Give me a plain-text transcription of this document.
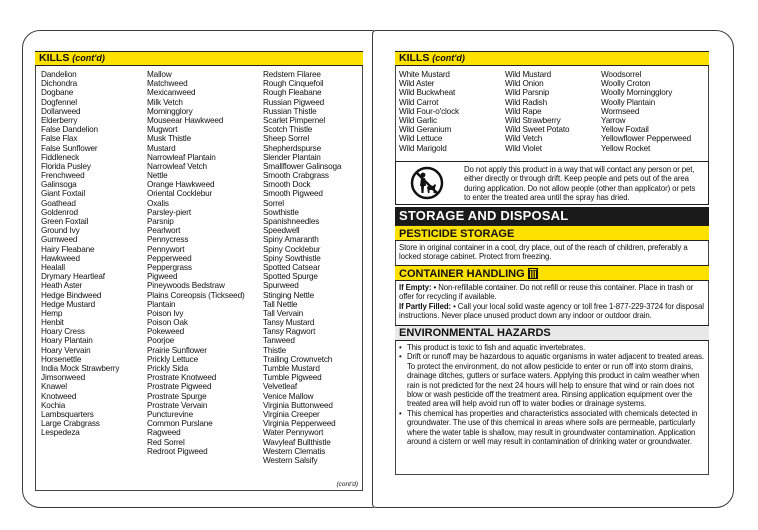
(cont'd)
KILLS (cont'd)
Dandelion
Dichondra
Dogbane
Dogfennel
Dollarweed
Elderberry
False Dandelion
False Flax
False Sunflower
Fiddleneck
Florida Pusley
Frenchweed
Galinsoga
Giant Foxtail
Goathead
Goldenrod
Green Foxtail
Ground Ivy
Gumweed
Hairy Fleabane
Hawkweed
Healall
Drymary Heartleaf
Heath Aster
Hedge Bindweed
Hedge Mustard
Hemp
Henbit
Hoary Cress
Hoary Plantain
Hoary Vervain
Horsenettle
India Mock Strawberry
Jimsonweed
Knawel
Knotweed
Kochia
Lambsquarters
Large Crabgrass
Lespedeza
Mallow
Matchweed
Mexicanweed
Milk Vetch
Morningglory
Mouseear Hawkweed
Mugwort
Musk Thistle
Mustard
Narrowleaf Plantain
Narrowleaf Vetch
Nettle
Orange Hawkweed
Oriental Cocklebur
Oxalis
Parsley-piert
Parsnip
Pearlwort
Pennycress
Pennywort
Pepperweed
Peppergrass
Pigweed
Pineywoods Bedstraw
Plains Coreopsis (Tickseed)
Plantain
Poison Ivy
Poison Oak
Pokeweed
Poorjoe
Prairie Sunflower
Prickly Lettuce
Prickly Sida
Prostrate Knotweed
Prostrate Pigweed
Prostrate Spurge
Prostrate Vervain
Puncturevine
Common Purslane
Ragweed
Red Sorrel
Redroot Pigweed
Redstem Filaree
Rough Cinquefoil
Rough Fleabane
Russian Pigweed
Russian Thistle
Scarlet Pimpernel
Scotch Thistle
Sheep Sorrel
Shepherdspurse
Slender Plantain
Smallflower Galinsoga
Smooth Crabgrass
Smooth Dock
Smooth Pigweed
Sorrel
Sowthistle
Spanishneedles
Speedwell
Spiny Amaranth
Spiny Cocklebur
Spiny Sowthistle
Spotted Catsear
Spotted Spurge
Spurweed
Stinging Nettle
Tall Nettle
Tall Vervain
Tansy Mustard
Tansy Ragwort
Tanweed
Thistle
Trailing Crownvetch
Tumble Mustard
Tumble Pigweed
Velvetleaf
Venice Mallow
Virginia Buttonweed
Virginia Creeper
Virginia Pepperweed
Water Pennywort
Wavyleaf Bullthistle
Western Clematis
Western Salsify
KILLS (cont'd)
White Mustard
Wild Aster
Wild Buckwheat
Wild Carrot
Wild Four-o'clock
Wild Garlic
Wild Geranium
Wild Lettuce
Wild Marigold
Wild Mustard
Wild Onion
Wild Parsnip
Wild Radish
Wild Rape
Wild Strawberry
Wild Sweet Potato
Wild Vetch
Wild Violet
Woodsorrel
Woolly Croton
Woolly Morningglory
Woolly Plantain
Wormseed
Yarrow
Yellow Foxtail
Yellowflower Pepperweed
Yellow Rocket
Do not apply this product in a way that will contact any person or pet, either directly or through drift. Keep people and pets out of the area during application. Do not allow people (other than applicator) or pets to enter the treated area until the spray has dried.
STORAGE AND DISPOSAL
PESTICIDE STORAGE
Store in original container in a cool, dry place, out of the reach of children, preferably a locked storage cabinet. Protect from freezing.
CONTAINER HANDLING
If Empty: • Non-refillable container. Do not refill or reuse this container. Place in trash or offer for recycling if available.
If Partly Filled: • Call your local solid waste agency or toll free 1-877-229-3724 for disposal instructions. Never place unused product down any indoor or outdoor drain.
ENVIRONMENTAL HAZARDS
• This product is toxic to fish and aquatic invertebrates.
• Drift or runoff may be hazardous to aquatic organisms in water adjacent to treated areas. To protect the environment, do not allow pesticide to enter or run off into storm drains, drainage ditches, gutters or surface waters. Applying this product in calm weather when rain is not predicted for the next 24 hours will help to ensure that wind or rain does not blow or wash pesticide off the treatment area. Rinsing application equipment over the treated area will help avoid run off to water bodies or drainage systems.
• This chemical has properties and characteristics associated with chemicals detected in groundwater. The use of this chemical in areas where soils are permeable, particularly where the water table is shallow, may result in groundwater contamination. Application around a cistern or well may result in contamination of drinking water or groundwater.
